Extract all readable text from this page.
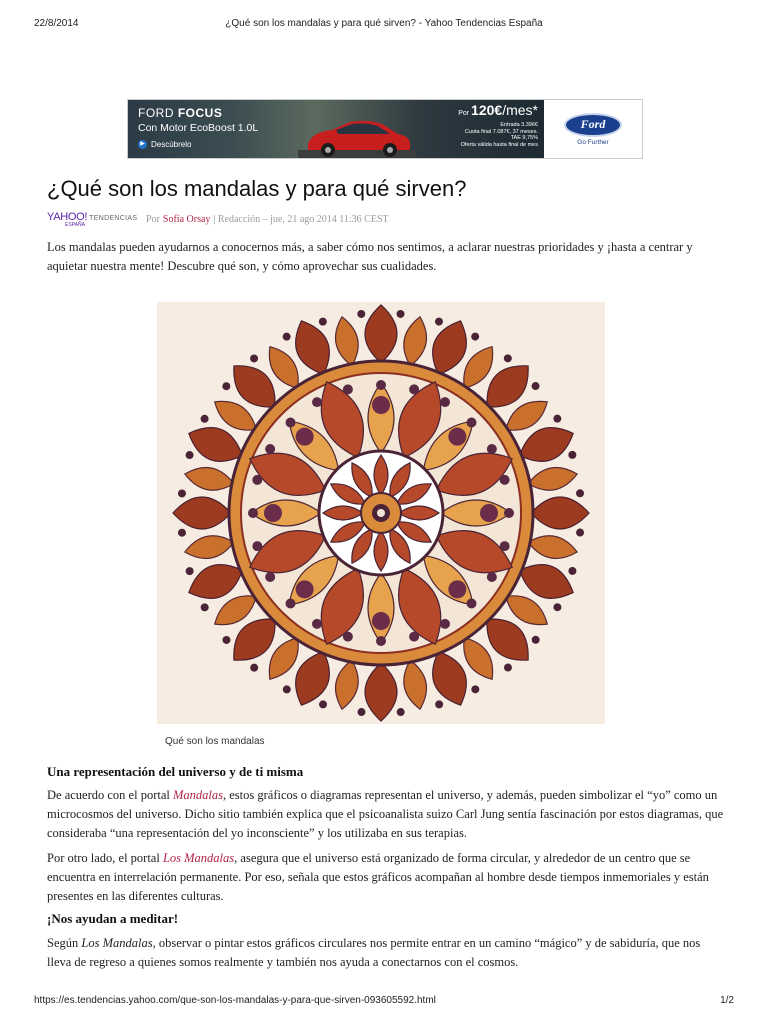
22/8/2014	¿Qué son los mandalas y para qué sirven? - Yahoo Tendencias España
FORD FOCUS
Con Motor EcoBoost 1.0L
▶ Descúbrelo
Por 120€/mes*
Entrada 3.396€
Cuota final 7.087€, 37 meses.
TAE 9,75%
Oferta válida hasta final de mes
Ford
Go Further
¿Qué son los mandalas y para qué sirven?
YAHOO! TENDENCIAS
ESPAÑA	Por Sofía Orsay | Redacción – jue, 21 ago 2014 11:36 CEST

Los mandalas pueden ayudarnos a conocernos más, a saber cómo nos sentimos, a aclarar nuestras prioridades y ¡hasta a centrar y aquietar nuestra mente! Descubre qué son, y cómo aprovechar sus cualidades.

Qué son los mandalas
Una representación del universo y de ti misma

De acuerdo con el portal Mandalas, estos gráficos o diagramas representan el universo, y además, pueden simbolizar el “yo” como un microcosmos del universo. Dicho sitio también explica que el psicoanalista suizo Carl Jung sentía fascinación por estos diagramas, que consideraba “una representación del yo inconsciente” y los utilizaba en sus terapias.

Por otro lado, el portal Los Mandalas, asegura que el universo está organizado de forma circular, y alrededor de un centro que se encuentra en interrelación permanente. Por eso, señala que estos gráficos acompañan al hombre desde tiempos inmemoriales y están presentes en las diferentes culturas.

¡Nos ayudan a meditar!

Según Los Mandalas, observar o pintar estos gráficos circulares nos permite entrar en un camino “mágico” y de sabiduría, que nos lleva de regreso a quienes somos realmente y también nos ayuda a conectarnos con el cosmos.

https://es.tendencias.yahoo.com/que-son-los-mandalas-y-para-que-sirven-093605592.html	1/2
